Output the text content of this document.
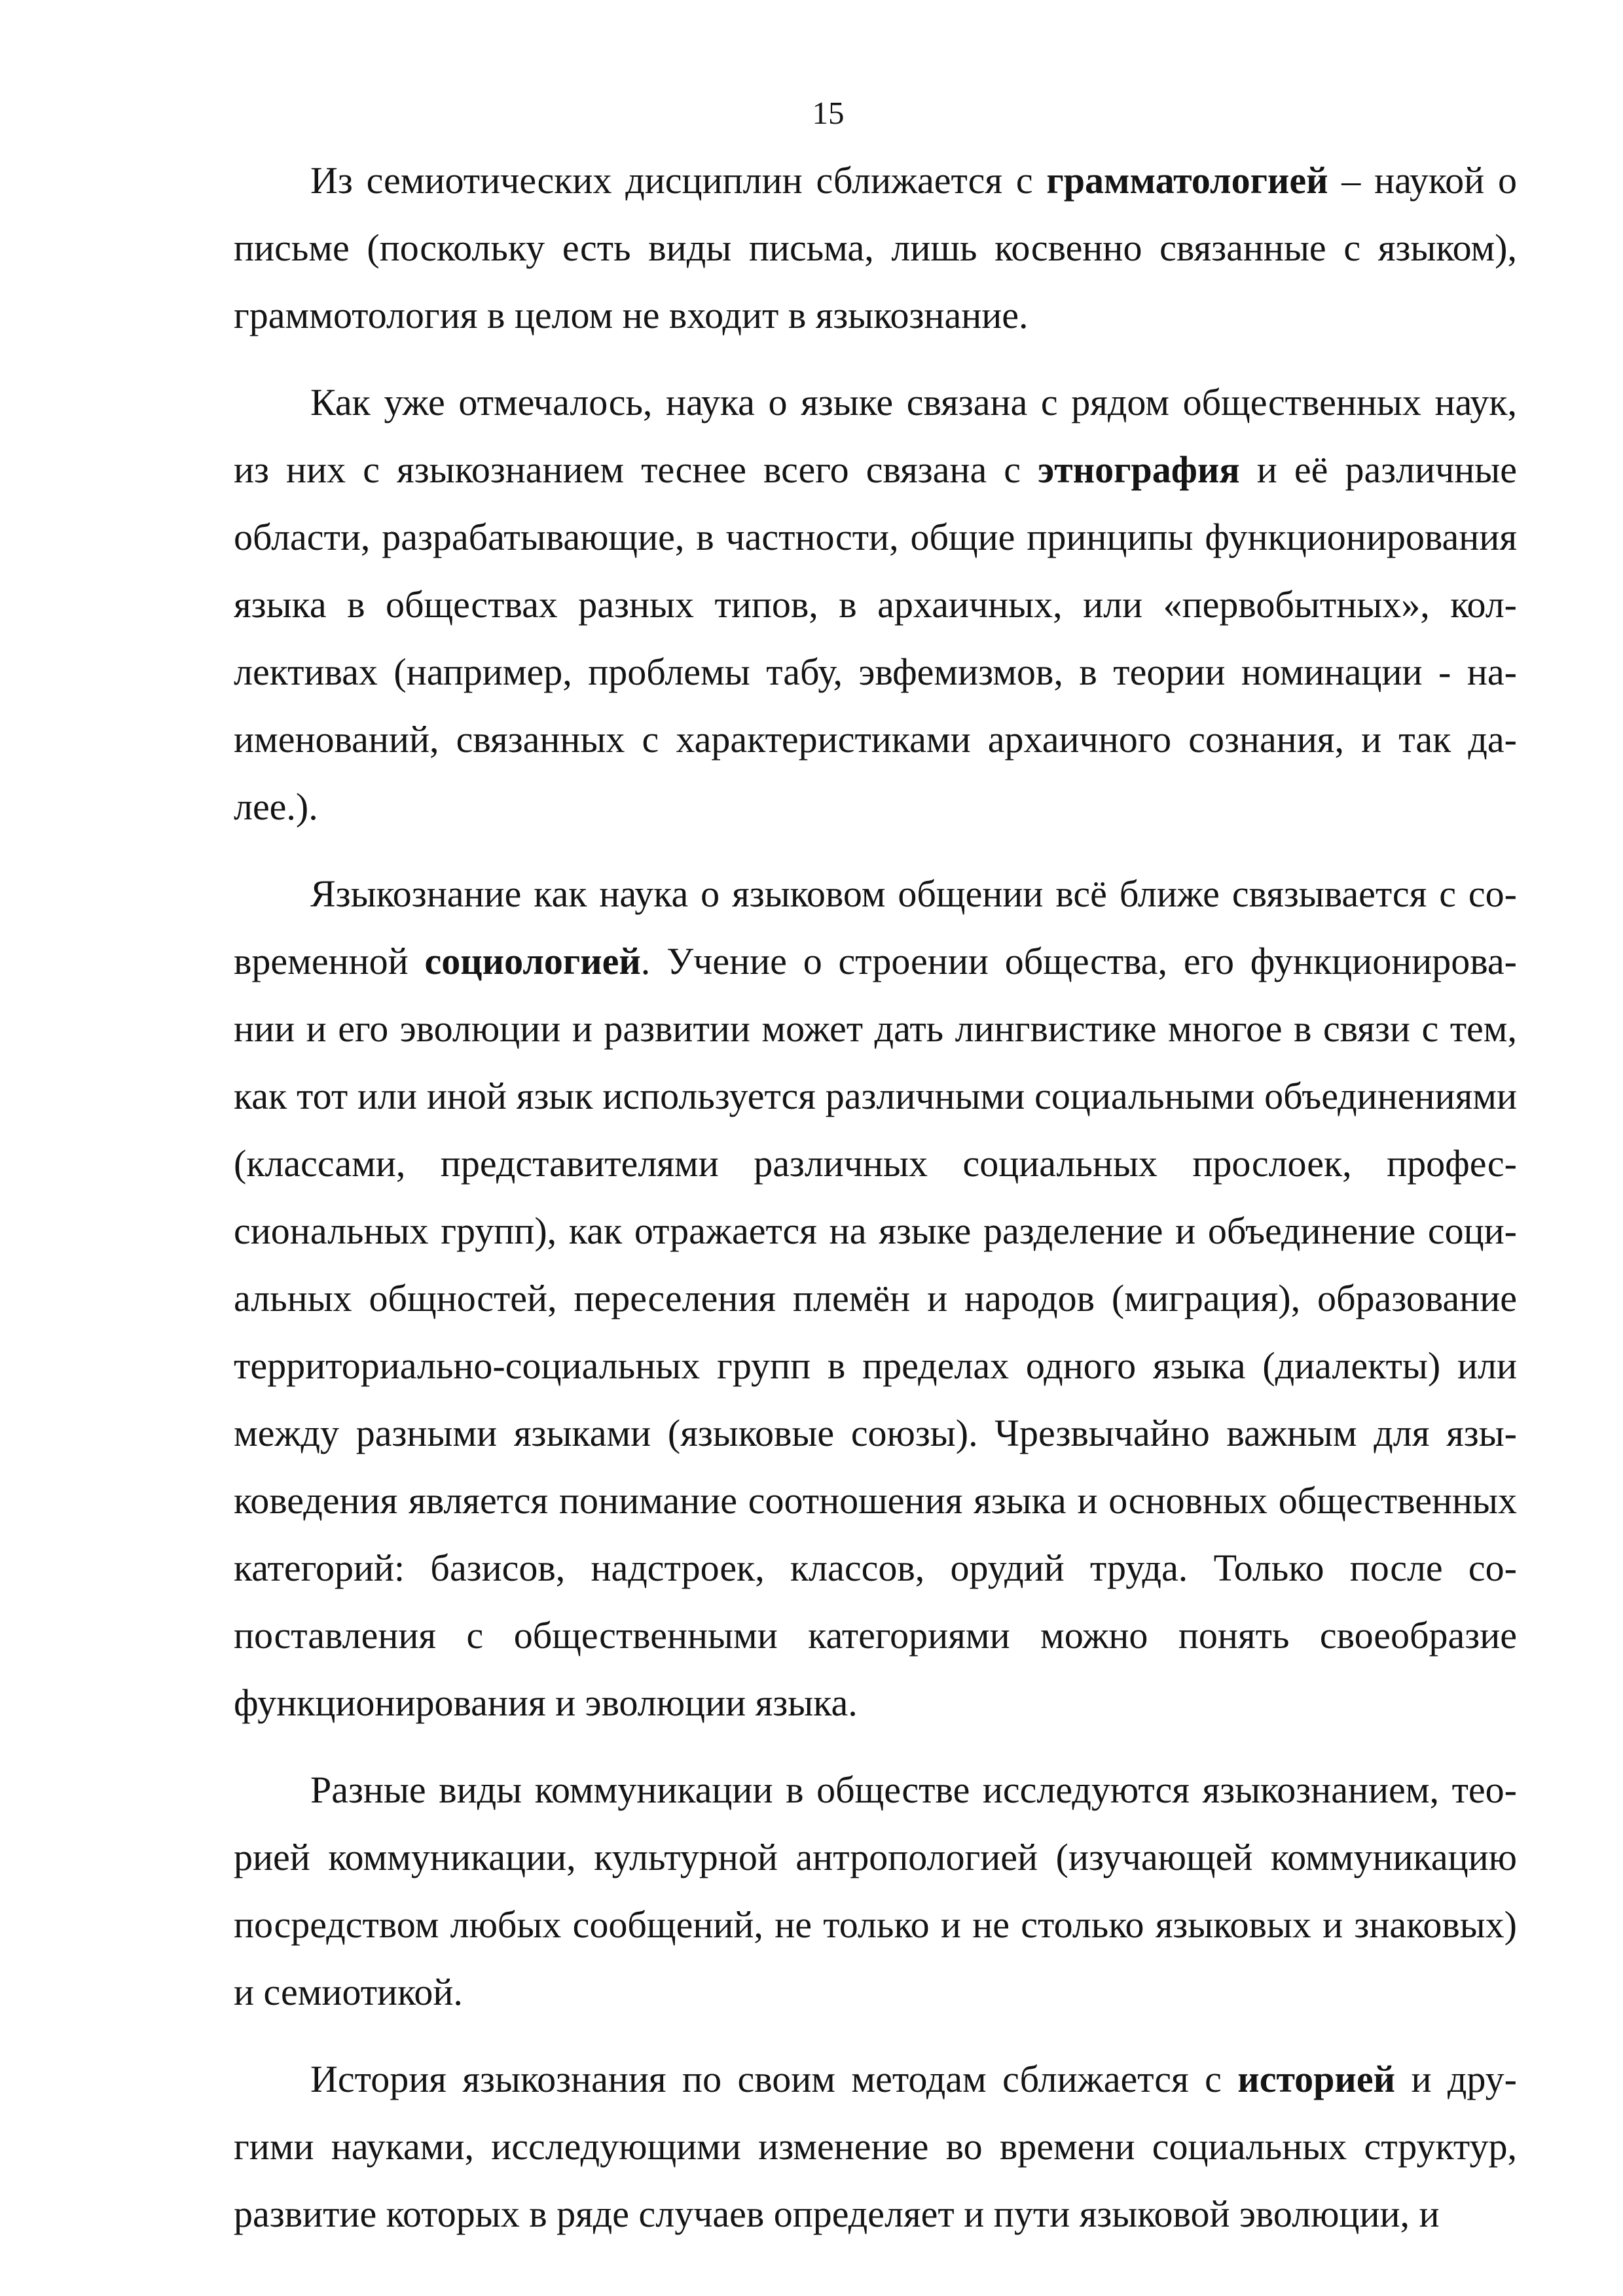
15

Из семиотических дисциплин сближается с грамматологией – наукой о письме (поскольку есть виды письма, лишь косвенно связанные с языком), граммотология в целом не входит в языкознание.

Как уже отмечалось, наука о языке связана с рядом общественных наук, из них с языкознанием теснее всего связана с этнография и её различные области, разрабатывающие, в частности, общие принципы функционирования языка в обществах разных типов, в архаичных, или «первобытных», коллективах (например, проблемы табу, эвфемизмов, в теории номинации - наименований, связанных с характеристиками архаичного сознания, и так далее.).

Языкознание как наука о языковом общении всё ближе связывается с современной социологией. Учение о строении общества, его функционировании и его эволюции и развитии может дать лингвистике многое в связи с тем, как тот или иной язык используется различными социальными объединениями (классами, представителями различных социальных прослоек, профессиональных групп), как отражается на языке разделение и объединение социальных общностей, переселения племён и народов (миграция), образование территориально-социальных групп в пределах одного языка (диалекты) или между разными языками (языковые союзы). Чрезвычайно важным для языковедения является понимание соотношения языка и основных общественных категорий: базисов, надстроек, классов, орудий труда. Только после сопоставления с общественными категориями можно понять своеобразие функционирования и эволюции языка.

Разные виды коммуникации в обществе исследуются языкознанием, теорией коммуникации, культурной антропологией (изучающей коммуникацию посредством любых сообщений, не только и не столько языковых и знаковых) и семиотикой.

История языкознания по своим методам сближается с историей и другими науками, исследующими изменение во времени социальных структур, развитие которых в ряде случаев определяет и пути языковой эволюции, и
